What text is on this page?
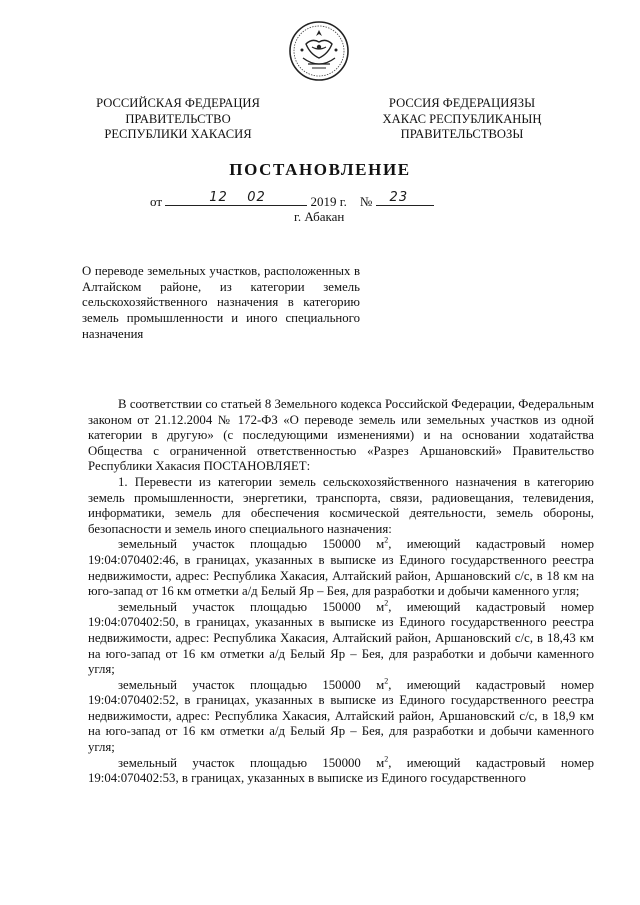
РОССИЙСКАЯ ФЕДЕРАЦИЯ
ПРАВИТЕЛЬСТВО
РЕСПУБЛИКИ ХАКАСИЯ
РОССИЯ ФЕДЕРАЦИЯЗЫ
ХАКАС РЕСПУБЛИКАНЫҢ
ПРАВИТЕЛЬСТВОЗЫ
ПОСТАНОВЛЕНИЕ
от	12 02	2019 г. № 23
г. Абакан
О переводе земельных участков, расположенных в Алтайском районе, из категории земель сельскохозяйственного назначения в категорию земель промышленности и иного специального назначения

В соответствии со статьей 8 Земельного кодекса Российской Федерации, Федеральным законом от 21.12.2004 № 172-ФЗ «О переводе земель или земельных участков из одной категории в другую» (с последующими изменениями) и на основании ходатайства Общества с ограниченной ответственностью «Разрез Аршановский» Правительство Республики Хакасия ПОСТАНОВЛЯЕТ:

1. Перевести из категории земель сельскохозяйственного назначения в категорию земель промышленности, энергетики, транспорта, связи, радиовещания, телевидения, информатики, земель для обеспечения космической деятельности, земель обороны, безопасности и земель иного специального назначения:

земельный участок площадью 150000 $м^2$, имеющий кадастровый номер 19:04:070402:46, в границах, указанных в выписке из Единого государственного реестра недвижимости, адрес: Республика Хакасия, Алтайский район, Аршановский с/с, в 18 км на юго-запад от 16 км отметки а/д Белый Яр – Бея, для разработки и добычи каменного угля;

земельный участок площадью 150000 $м^2$, имеющий кадастровый номер 19:04:070402:50, в границах, указанных в выписке из Единого государственного реестра недвижимости, адрес: Республика Хакасия, Алтайский район, Аршановский с/с, в 18,43 км на юго-запад от 16 км отметки а/д Белый Яр – Бея, для разработки и добычи каменного угля;

земельный участок площадью 150000 $м^2$, имеющий кадастровый номер 19:04:070402:52, в границах, указанных в выписке из Единого государственного реестра недвижимости, адрес: Республика Хакасия, Алтайский район, Аршановский с/с, в 18,9 км на юго-запад от 16 км отметки а/д Белый Яр – Бея, для разработки и добычи каменного угля;

земельный участок площадью 150000 $м^2$, имеющий кадастровый номер 19:04:070402:53, в границах, указанных в выписке из Единого государственного
